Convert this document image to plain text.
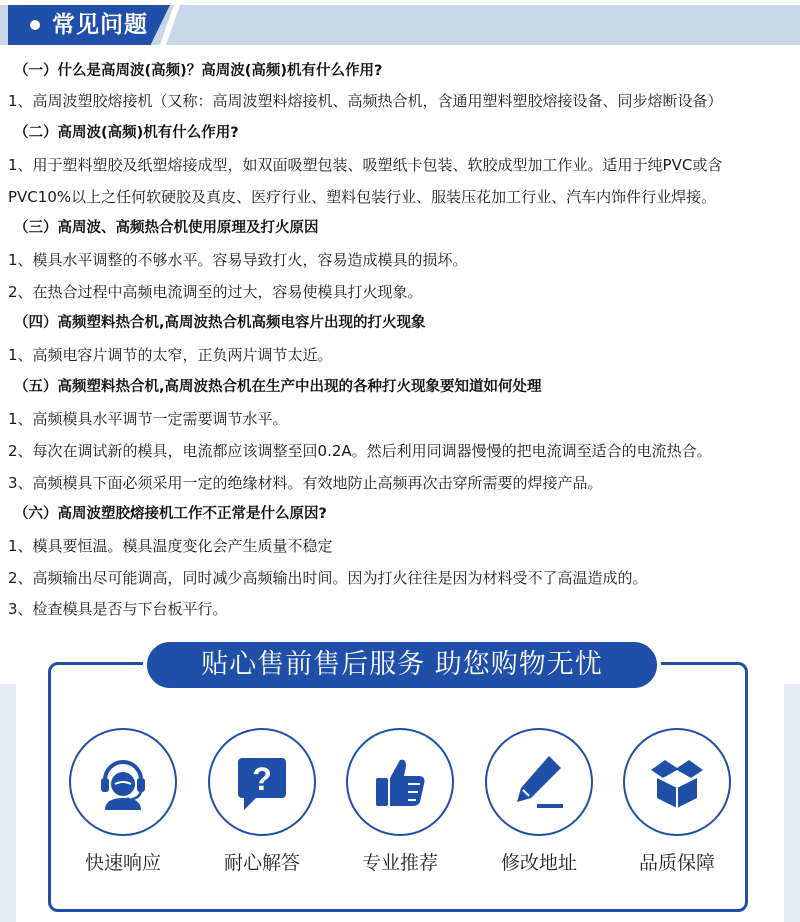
常见问题
（一）什么是高周波(高频)？高周波(高频)机有什么作用?
1、高周波塑胶熔接机（又称：高周波塑料熔接机、高频热合机，含通用塑料塑胶熔接设备、同步熔断设备）
（二）高周波(高频)机有什么作用?
1、用于塑料塑胶及纸塑熔接成型，如双面吸塑包装、吸塑纸卡包装、软胶成型加工作业。适用于纯PVC或含
PVC10%以上之任何软硬胶及真皮、医疗行业、塑料包装行业、服装压花加工行业、汽车内饰件行业焊接。
（三）高周波、高频热合机使用原理及打火原因
1、模具水平调整的不够水平。容易导致打火，容易造成模具的损坏。
2、在热合过程中高频电流调至的过大，容易使模具打火现象。
（四）高频塑料热合机,高周波热合机高频电容片出现的打火现象
1、高频电容片调节的太窄，正负两片调节太近。
（五）高频塑料热合机,高周波热合机在生产中出现的各种打火现象要知道如何处理
1、高频模具水平调节一定需要调节水平。
2、每次在调试新的模具，电流都应该调整至回0.2A。然后利用同调器慢慢的把电流调至适合的电流热合。
3、高频模具下面必须采用一定的绝缘材料。有效地防止高频再次击穿所需要的焊接产品。
（六）高周波塑胶熔接机工作不正常是什么原因?
1、模具要恒温。模具温度变化会产生质量不稳定
2、高频输出尽可能调高，同时减少高频输出时间。因为打火往往是因为材料受不了高温造成的。
3、检查模具是否与下台板平行。
贴心售前售后服务 助您购物无忧
快速响应
?
耐心解答	专业推荐	修改地址	品质保障
